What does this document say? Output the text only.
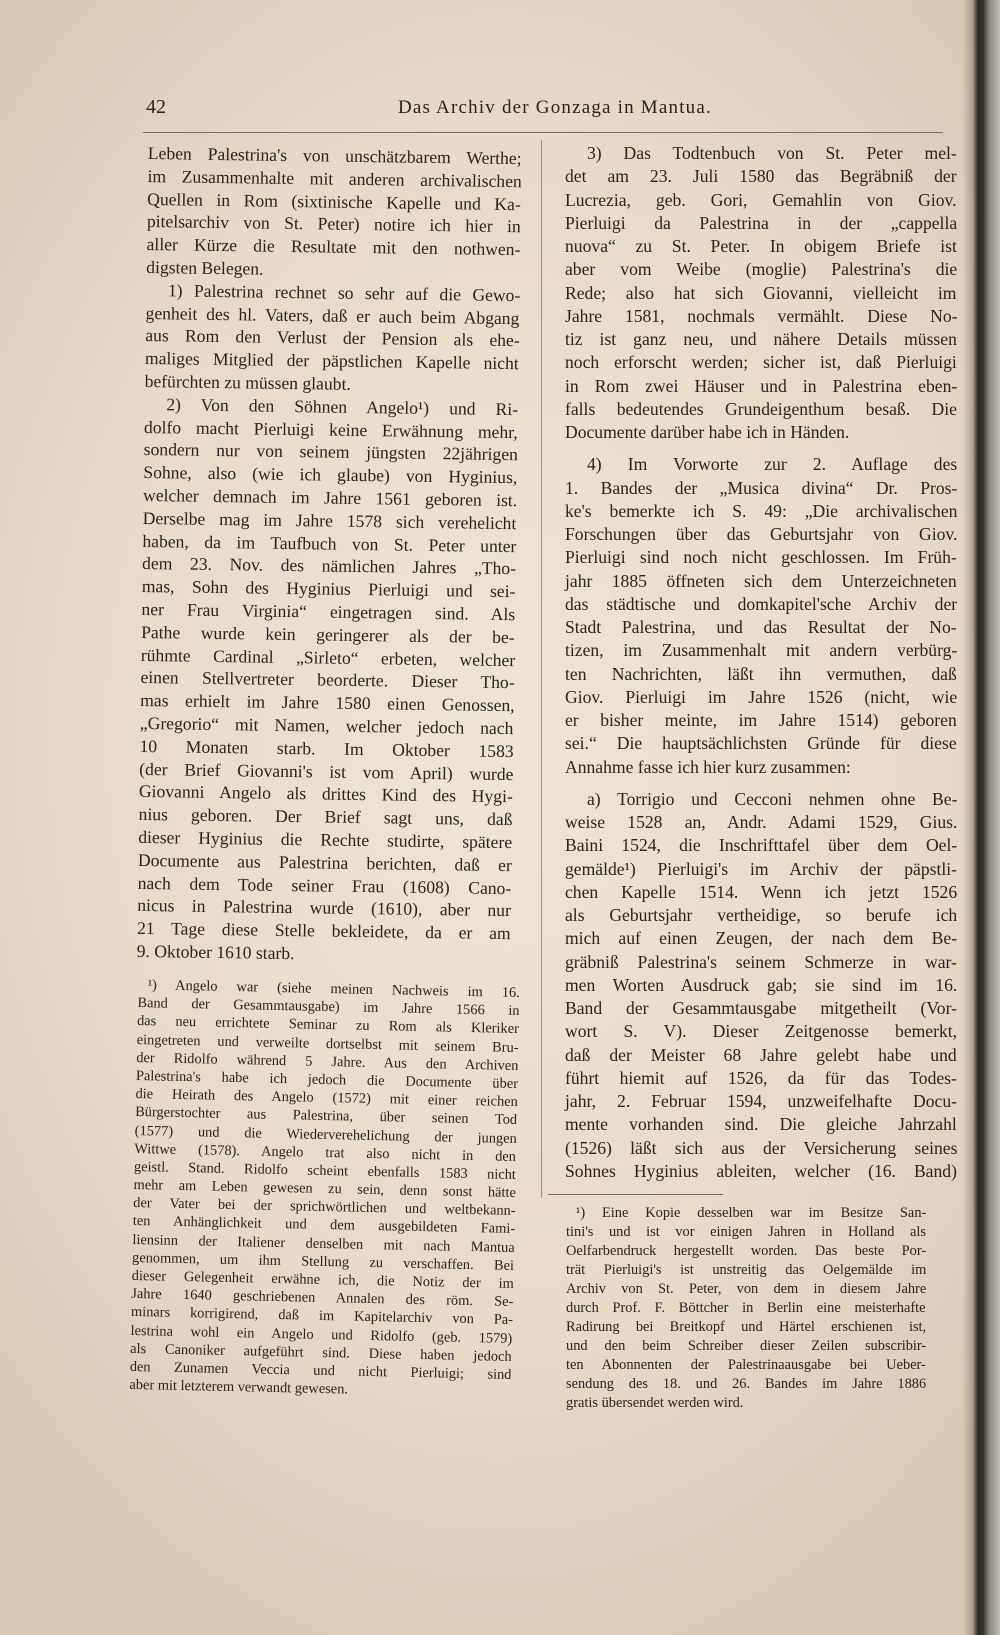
42	Das Archiv der Gonzaga in Mantua.
Leben Palestrina's von unschätzbarem Werthe;
im Zusammenhalte mit anderen archivalischen
Quellen in Rom (sixtinische Kapelle und Ka-
pitelsarchiv von St. Peter) notire ich hier in
aller Kürze die Resultate mit den nothwen-
digsten Belegen.
1) Palestrina rechnet so sehr auf die Gewo-
genheit des hl. Vaters, daß er auch beim Abgang
aus Rom den Verlust der Pension als ehe-
maliges Mitglied der päpstlichen Kapelle nicht
befürchten zu müssen glaubt.
2) Von den Söhnen Angelo¹) und Ri-
dolfo macht Pierluigi keine Erwähnung mehr,
sondern nur von seinem jüngsten 22jährigen
Sohne, also (wie ich glaube) von Hyginius,
welcher demnach im Jahre 1561 geboren ist.
Derselbe mag im Jahre 1578 sich verehelicht
haben, da im Taufbuch von St. Peter unter
dem 23. Nov. des nämlichen Jahres „Tho-
mas, Sohn des Hyginius Pierluigi und sei-
ner Frau Virginia“ eingetragen sind. Als
Pathe wurde kein geringerer als der be-
rühmte Cardinal „Sirleto“ erbeten, welcher
einen Stellvertreter beorderte. Dieser Tho-
mas erhielt im Jahre 1580 einen Genossen,
„Gregorio“ mit Namen, welcher jedoch nach
10 Monaten starb. Im Oktober 1583
(der Brief Giovanni's ist vom April) wurde
Giovanni Angelo als drittes Kind des Hygi-
nius geboren. Der Brief sagt uns, daß
dieser Hyginius die Rechte studirte, spätere
Documente aus Palestrina berichten, daß er
nach dem Tode seiner Frau (1608) Cano-
nicus in Palestrina wurde (1610), aber nur
21 Tage diese Stelle bekleidete, da er am
9. Oktober 1610 starb.
¹) Angelo war (siehe meinen Nachweis im 16.
Band der Gesammtausgabe) im Jahre 1566 in
das neu errichtete Seminar zu Rom als Kleriker
eingetreten und verweilte dortselbst mit seinem Bru-
der Ridolfo während 5 Jahre. Aus den Archiven
Palestrina's habe ich jedoch die Documente über
die Heirath des Angelo (1572) mit einer reichen
Bürgerstochter aus Palestrina, über seinen Tod
(1577) und die Wiederverehelichung der jungen
Wittwe (1578). Angelo trat also nicht in den
geistl. Stand. Ridolfo scheint ebenfalls 1583 nicht
mehr am Leben gewesen zu sein, denn sonst hätte
der Vater bei der sprichwörtlichen und weltbekann-
ten Anhänglichkeit und dem ausgebildeten Fami-
liensinn der Italiener denselben mit nach Mantua
genommen, um ihm Stellung zu verschaffen. Bei
dieser Gelegenheit erwähne ich, die Notiz der im
Jahre 1640 geschriebenen Annalen des röm. Se-
minars korrigirend, daß im Kapitelarchiv von Pa-
lestrina wohl ein Angelo und Ridolfo (geb. 1579)
als Canoniker aufgeführt sind. Diese haben jedoch
den Zunamen Veccia und nicht Pierluigi; sind
aber mit letzterem verwandt gewesen.
3) Das Todtenbuch von St. Peter mel-
det am 23. Juli 1580 das Begräbniß der
Lucrezia, geb. Gori, Gemahlin von Giov.
Pierluigi da Palestrina in der „cappella
nuova“ zu St. Peter. In obigem Briefe ist
aber vom Weibe (moglie) Palestrina's die
Rede; also hat sich Giovanni, vielleicht im
Jahre 1581, nochmals vermählt. Diese No-
tiz ist ganz neu, und nähere Details müssen
noch erforscht werden; sicher ist, daß Pierluigi
in Rom zwei Häuser und in Palestrina eben-
falls bedeutendes Grundeigenthum besaß. Die
Documente darüber habe ich in Händen.
4) Im Vorworte zur 2. Auflage des
1. Bandes der „Musica divina“ Dr. Pros-
ke's bemerkte ich S. 49: „Die archivalischen
Forschungen über das Geburtsjahr von Giov.
Pierluigi sind noch nicht geschlossen. Im Früh-
jahr 1885 öffneten sich dem Unterzeichneten
das städtische und domkapitel'sche Archiv der
Stadt Palestrina, und das Resultat der No-
tizen, im Zusammenhalt mit andern verbürg-
ten Nachrichten, läßt ihn vermuthen, daß
Giov. Pierluigi im Jahre 1526 (nicht, wie
er bisher meinte, im Jahre 1514) geboren
sei.“ Die hauptsächlichsten Gründe für diese
Annahme fasse ich hier kurz zusammen:
a) Torrigio und Cecconi nehmen ohne Be-
weise 1528 an, Andr. Adami 1529, Gius.
Baini 1524, die Inschrifttafel über dem Oel-
gemälde¹) Pierluigi's im Archiv der päpstli-
chen Kapelle 1514. Wenn ich jetzt 1526
als Geburtsjahr vertheidige, so berufe ich
mich auf einen Zeugen, der nach dem Be-
gräbniß Palestrina's seinem Schmerze in war-
men Worten Ausdruck gab; sie sind im 16.
Band der Gesammtausgabe mitgetheilt (Vor-
wort S. V). Dieser Zeitgenosse bemerkt,
daß der Meister 68 Jahre gelebt habe und
führt hiemit auf 1526, da für das Todes-
jahr, 2. Februar 1594, unzweifelhafte Docu-
mente vorhanden sind. Die gleiche Jahrzahl
(1526) läßt sich aus der Versicherung seines
Sohnes Hyginius ableiten, welcher (16. Band)
¹) Eine Kopie desselben war im Besitze San-
tini's und ist vor einigen Jahren in Holland als
Oelfarbendruck hergestellt worden. Das beste Por-
trät Pierluigi's ist unstreitig das Oelgemälde im
Archiv von St. Peter, von dem in diesem Jahre
durch Prof. F. Böttcher in Berlin eine meisterhafte
Radirung bei Breitkopf und Härtel erschienen ist,
und den beim Schreiber dieser Zeilen subscribir-
ten Abonnenten der Palestrinaausgabe bei Ueber-
sendung des 18. und 26. Bandes im Jahre 1886
gratis übersendet werden wird.
